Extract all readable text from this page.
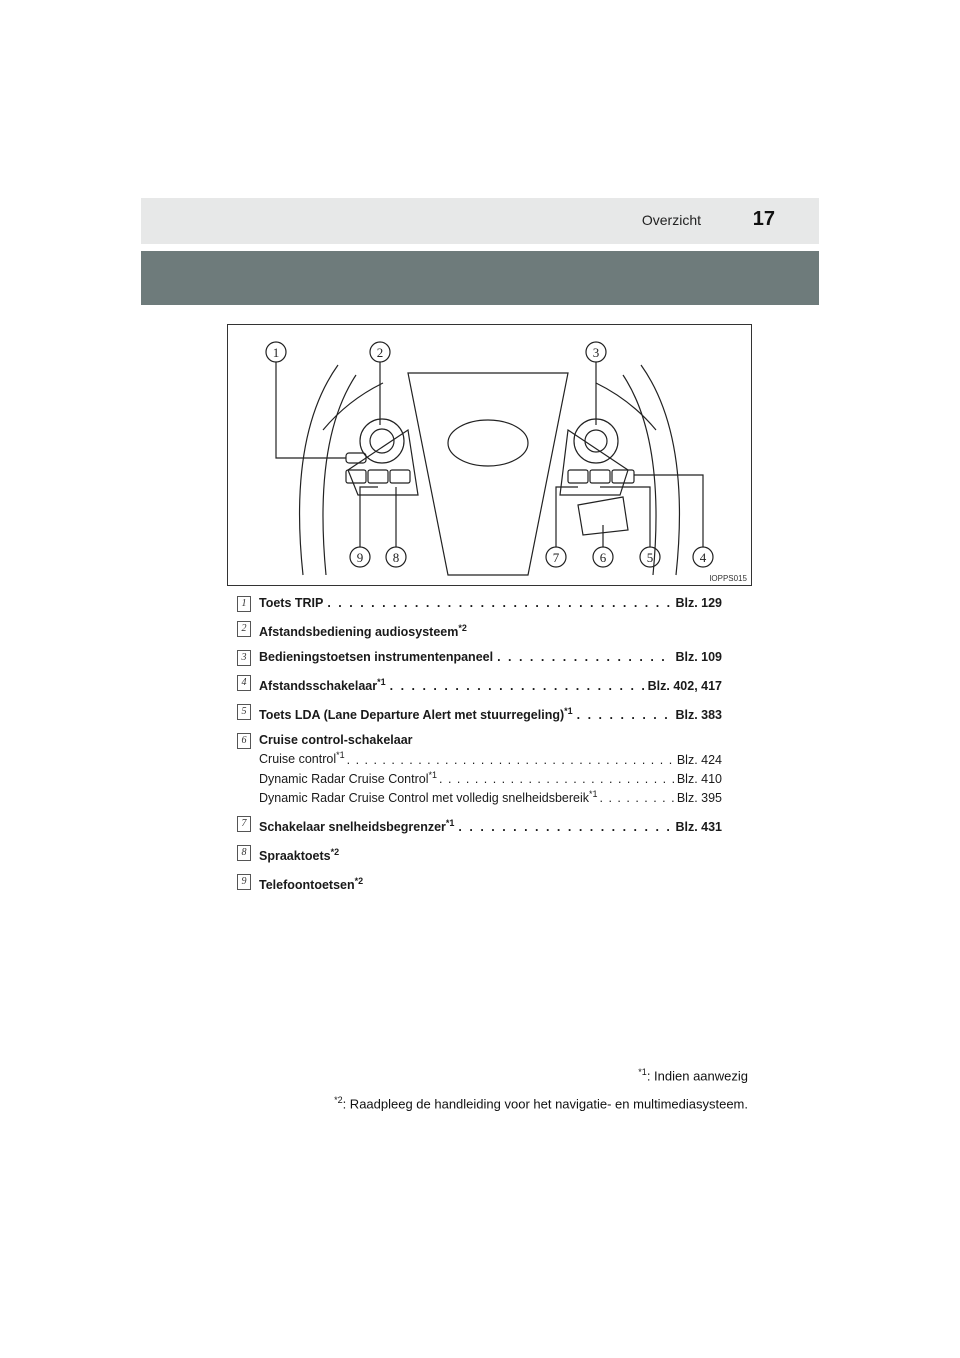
Overzicht	17
1	2	3
4
5
6
7
8
9
IOPPS015
1	Toets TRIP . . .	Blz. 129
2	Afstandsbediening audiosysteem$^{*2}$
3	Bedieningstoetsen instrumentenpaneel . . .	Blz. 109
4	Afstandsschakelaar$^{*1}$ . . .	Blz. 402, 417
5	Toets LDA (Lane Departure Alert met stuurregeling)$^{*1}$ . . .	Blz. 383
6	Cruise control-schakelaar
Cruise control$^{*1}$ . . .	Blz. 424
Dynamic Radar Cruise Control$^{*1}$ . . .	Blz. 410
Dynamic Radar Cruise Control met volledig snelheidsbereik$^{*1}$ . . .	Blz. 395
7	Schakelaar snelheidsbegrenzer$^{*1}$ . . .	Blz. 431
8	Spraaktoets$^{*2}$
9	Telefoontoetsen$^{*2}$
$^{*1}$: Indien aanwezig
$^{*2}$: Raadpleeg de handleiding voor het navigatie- en multimediasysteem.
